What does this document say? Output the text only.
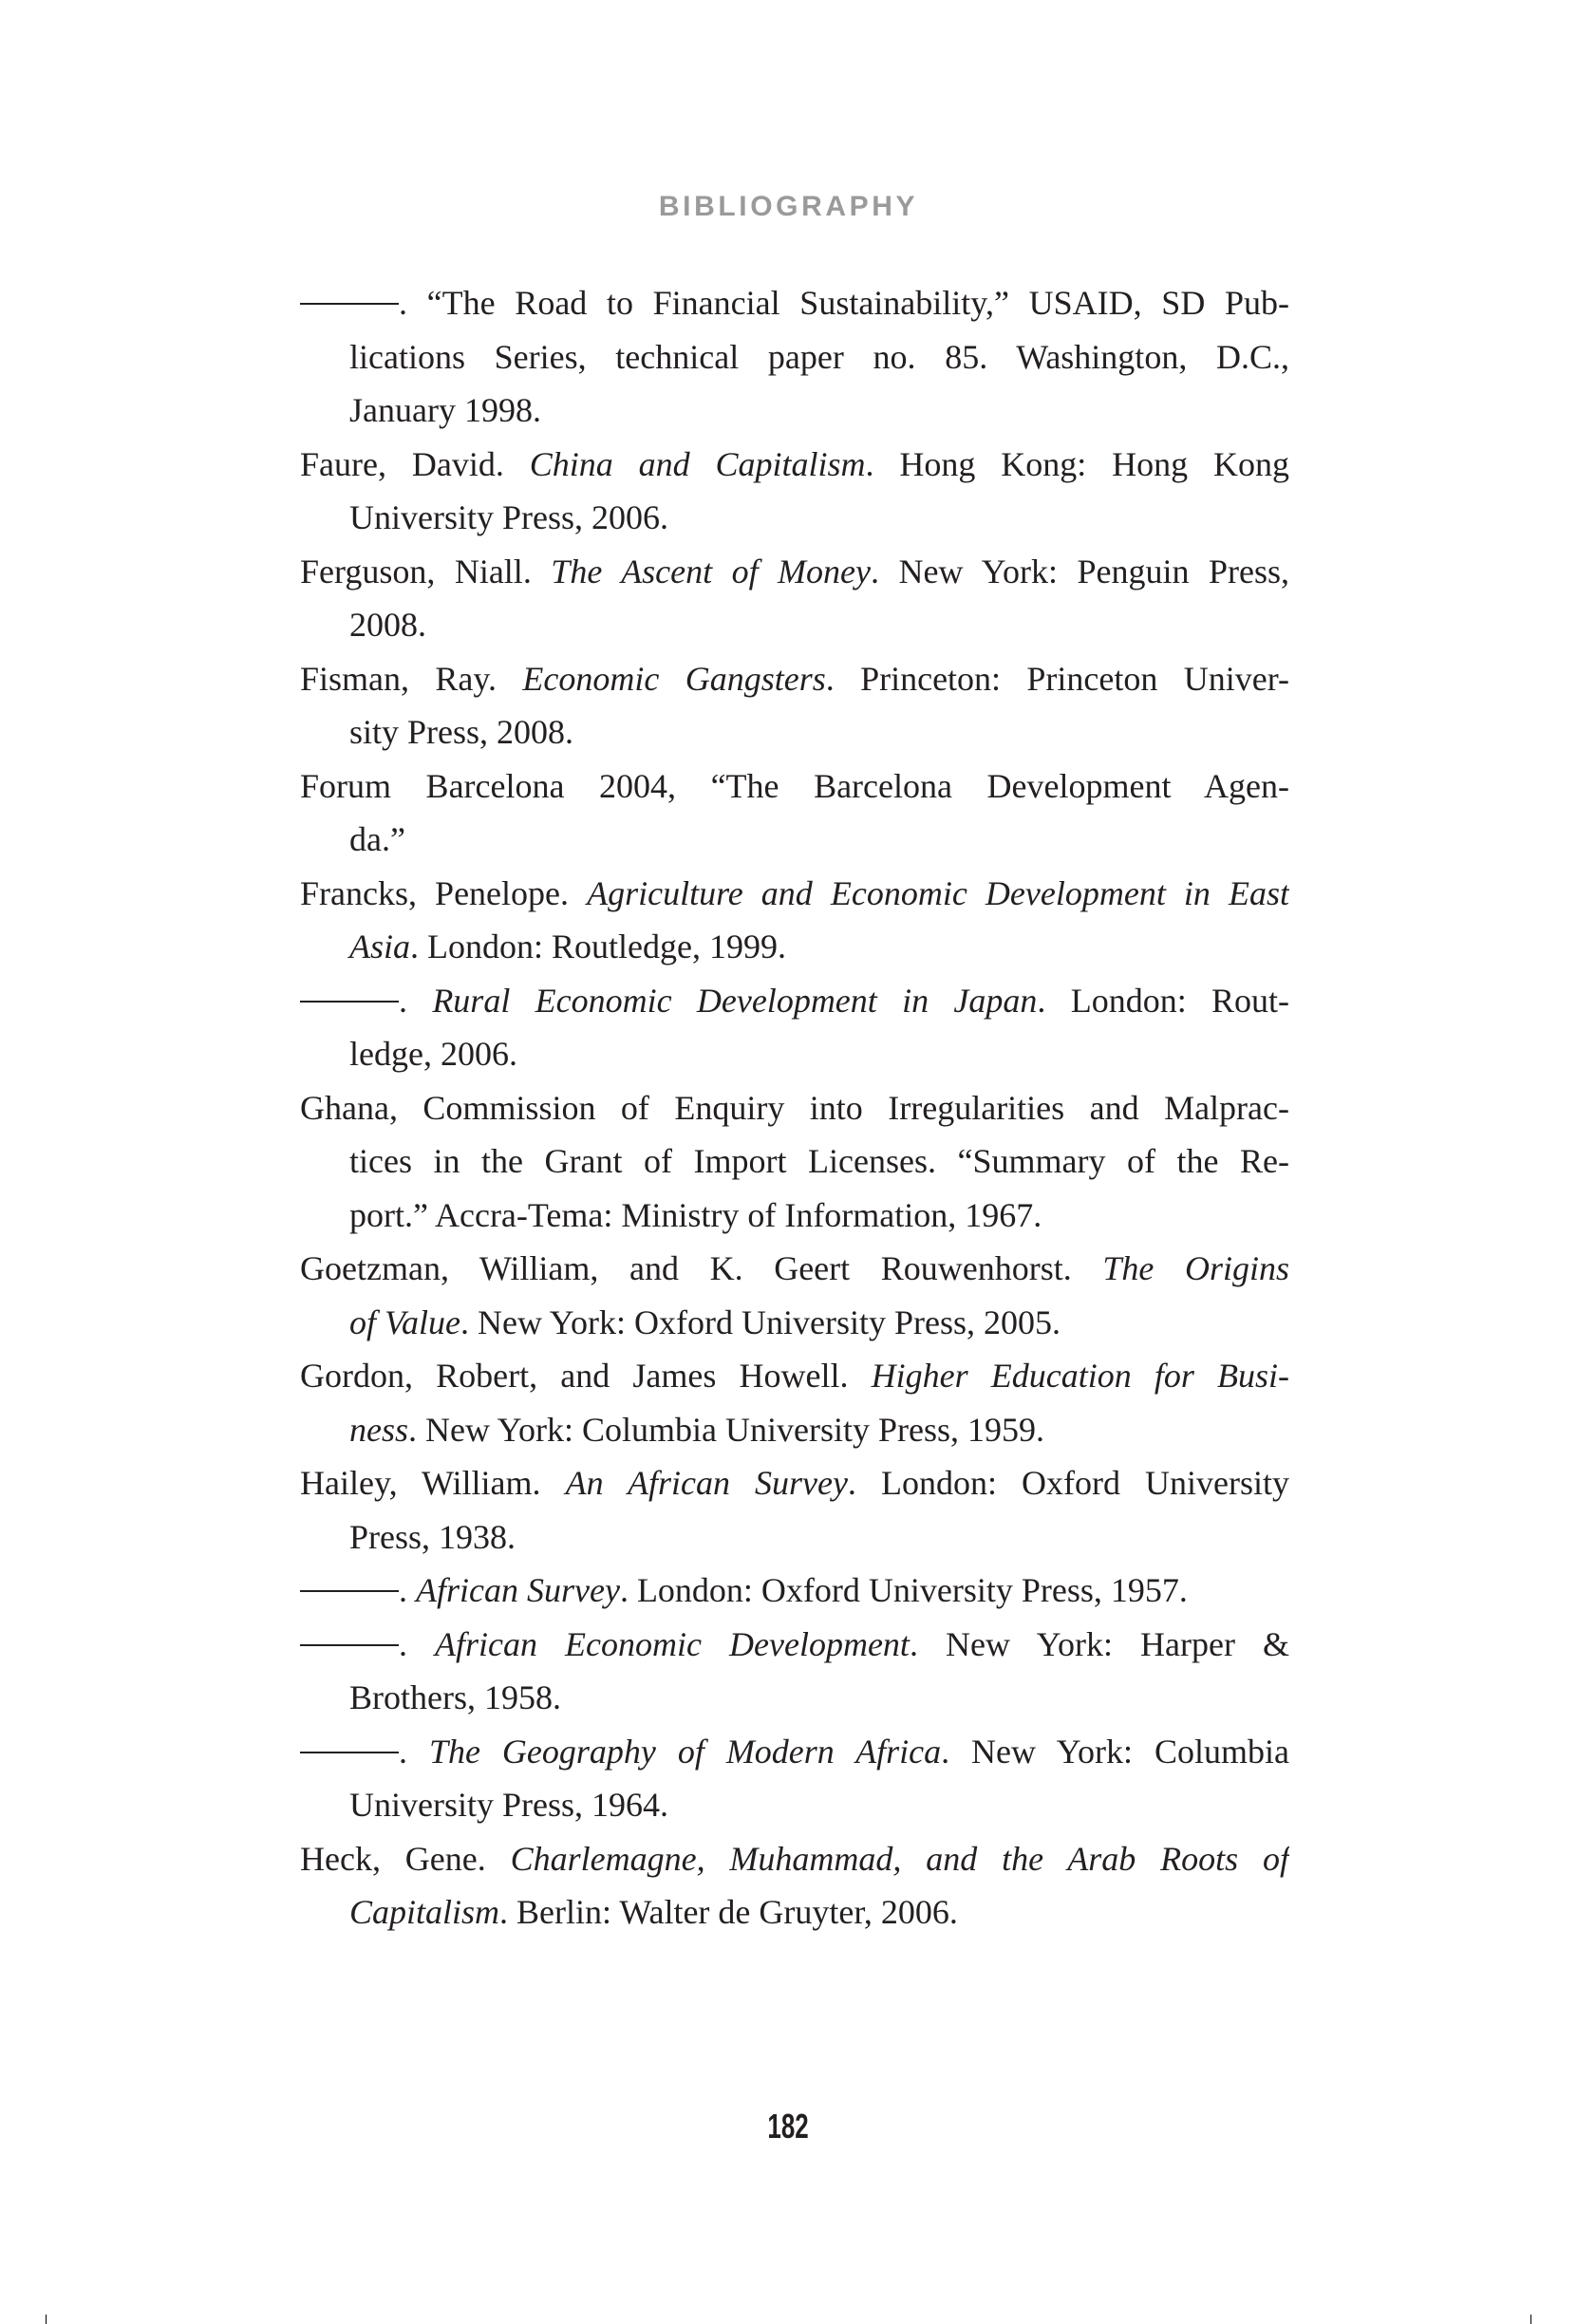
BIBLIOGRAPHY
. “The Road to Financial Sustainability,” USAID, SD Pub-
lications Series, technical paper no. 85. Washington, D.C.,
January 1998.
Faure, David. China and Capitalism. Hong Kong: Hong Kong
University Press, 2006.
Ferguson, Niall. The Ascent of Money. New York: Penguin Press,
2008.
Fisman, Ray. Economic Gangsters. Princeton: Princeton Univer-
sity Press, 2008.
Forum Barcelona 2004, “The Barcelona Development Agen-
da.”
Francks, Penelope. Agriculture and Economic Development in East
Asia. London: Routledge, 1999.
. Rural Economic Development in Japan. London: Rout-
ledge, 2006.
Ghana, Commission of Enquiry into Irregularities and Malprac-
tices in the Grant of Import Licenses. “Summary of the Re-
port.” Accra-Tema: Ministry of Information, 1967.
Goetzman, William, and K. Geert Rouwenhorst. The Origins
of Value. New York: Oxford University Press, 2005.
Gordon, Robert, and James Howell. Higher Education for Busi-
ness. New York: Columbia University Press, 1959.
Hailey, William. An African Survey. London: Oxford University
Press, 1938.
. African Survey. London: Oxford University Press, 1957.
. African Economic Development. New York: Harper &
Brothers, 1958.
. The Geography of Modern Africa. New York: Columbia
University Press, 1964.
Heck, Gene. Charlemagne, Muhammad, and the Arab Roots of
Capitalism. Berlin: Walter de Gruyter, 2006.
182
